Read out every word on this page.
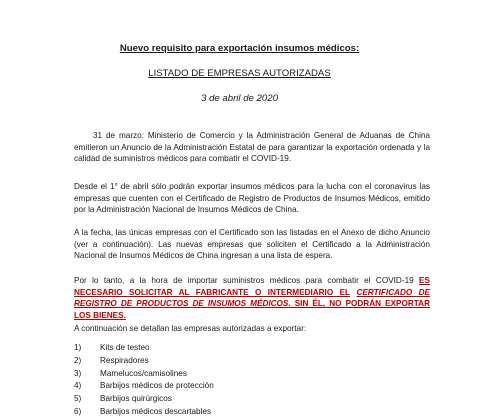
Nuevo requisito para exportación insumos médicos:
LISTADO DE EMPRESAS AUTORIZADAS
3 de abril de 2020

31 de marzo: Ministerio de Comercio y la Administración General de Aduanas de China emitieron un Anuncio de la Administración Estatal de para garantizar la exportación ordenada y la calidad de suministros médicos para combatir el COVID-19.

Desde el 1° de abril sólo podrán exportar insumos médicos para la lucha con el coronavirus las empresas que cuenten con el Certificado de Registro de Productos de Insumos Médicos, emitido por la Administración Nacional de Insumos Médicos de China.

A la fecha, las únicas empresas con el Certificado son las listadas en el Anexo de dicho Anuncio (ver a continuación). Las nuevas empresas que soliciten el Certificado a la Administración Nacional de Insumos Médicos de China ingresan a una lista de espera.

Por lo tanto, a la hora de importar suministros médicos para combatir el COVID-19 ES NECESARIO SOLICITAR AL FABRICANTE O INTERMEDIARIO EL CERTIFICADO DE REGISTRO DE PRODUCTOS DE INSUMOS MÉDICOS. SIN ÉL, NO PODRÁN EXPORTAR LOS BIENES.

A continuación se detallan las empresas autorizadas a exportar:

1) Kits de testeo
2) Respiradores
3) Mamelucos/camisolines
4) Barbijos médicos de protección
5) Barbijos quirúrgicos
6) Barbijos médicos descartables
